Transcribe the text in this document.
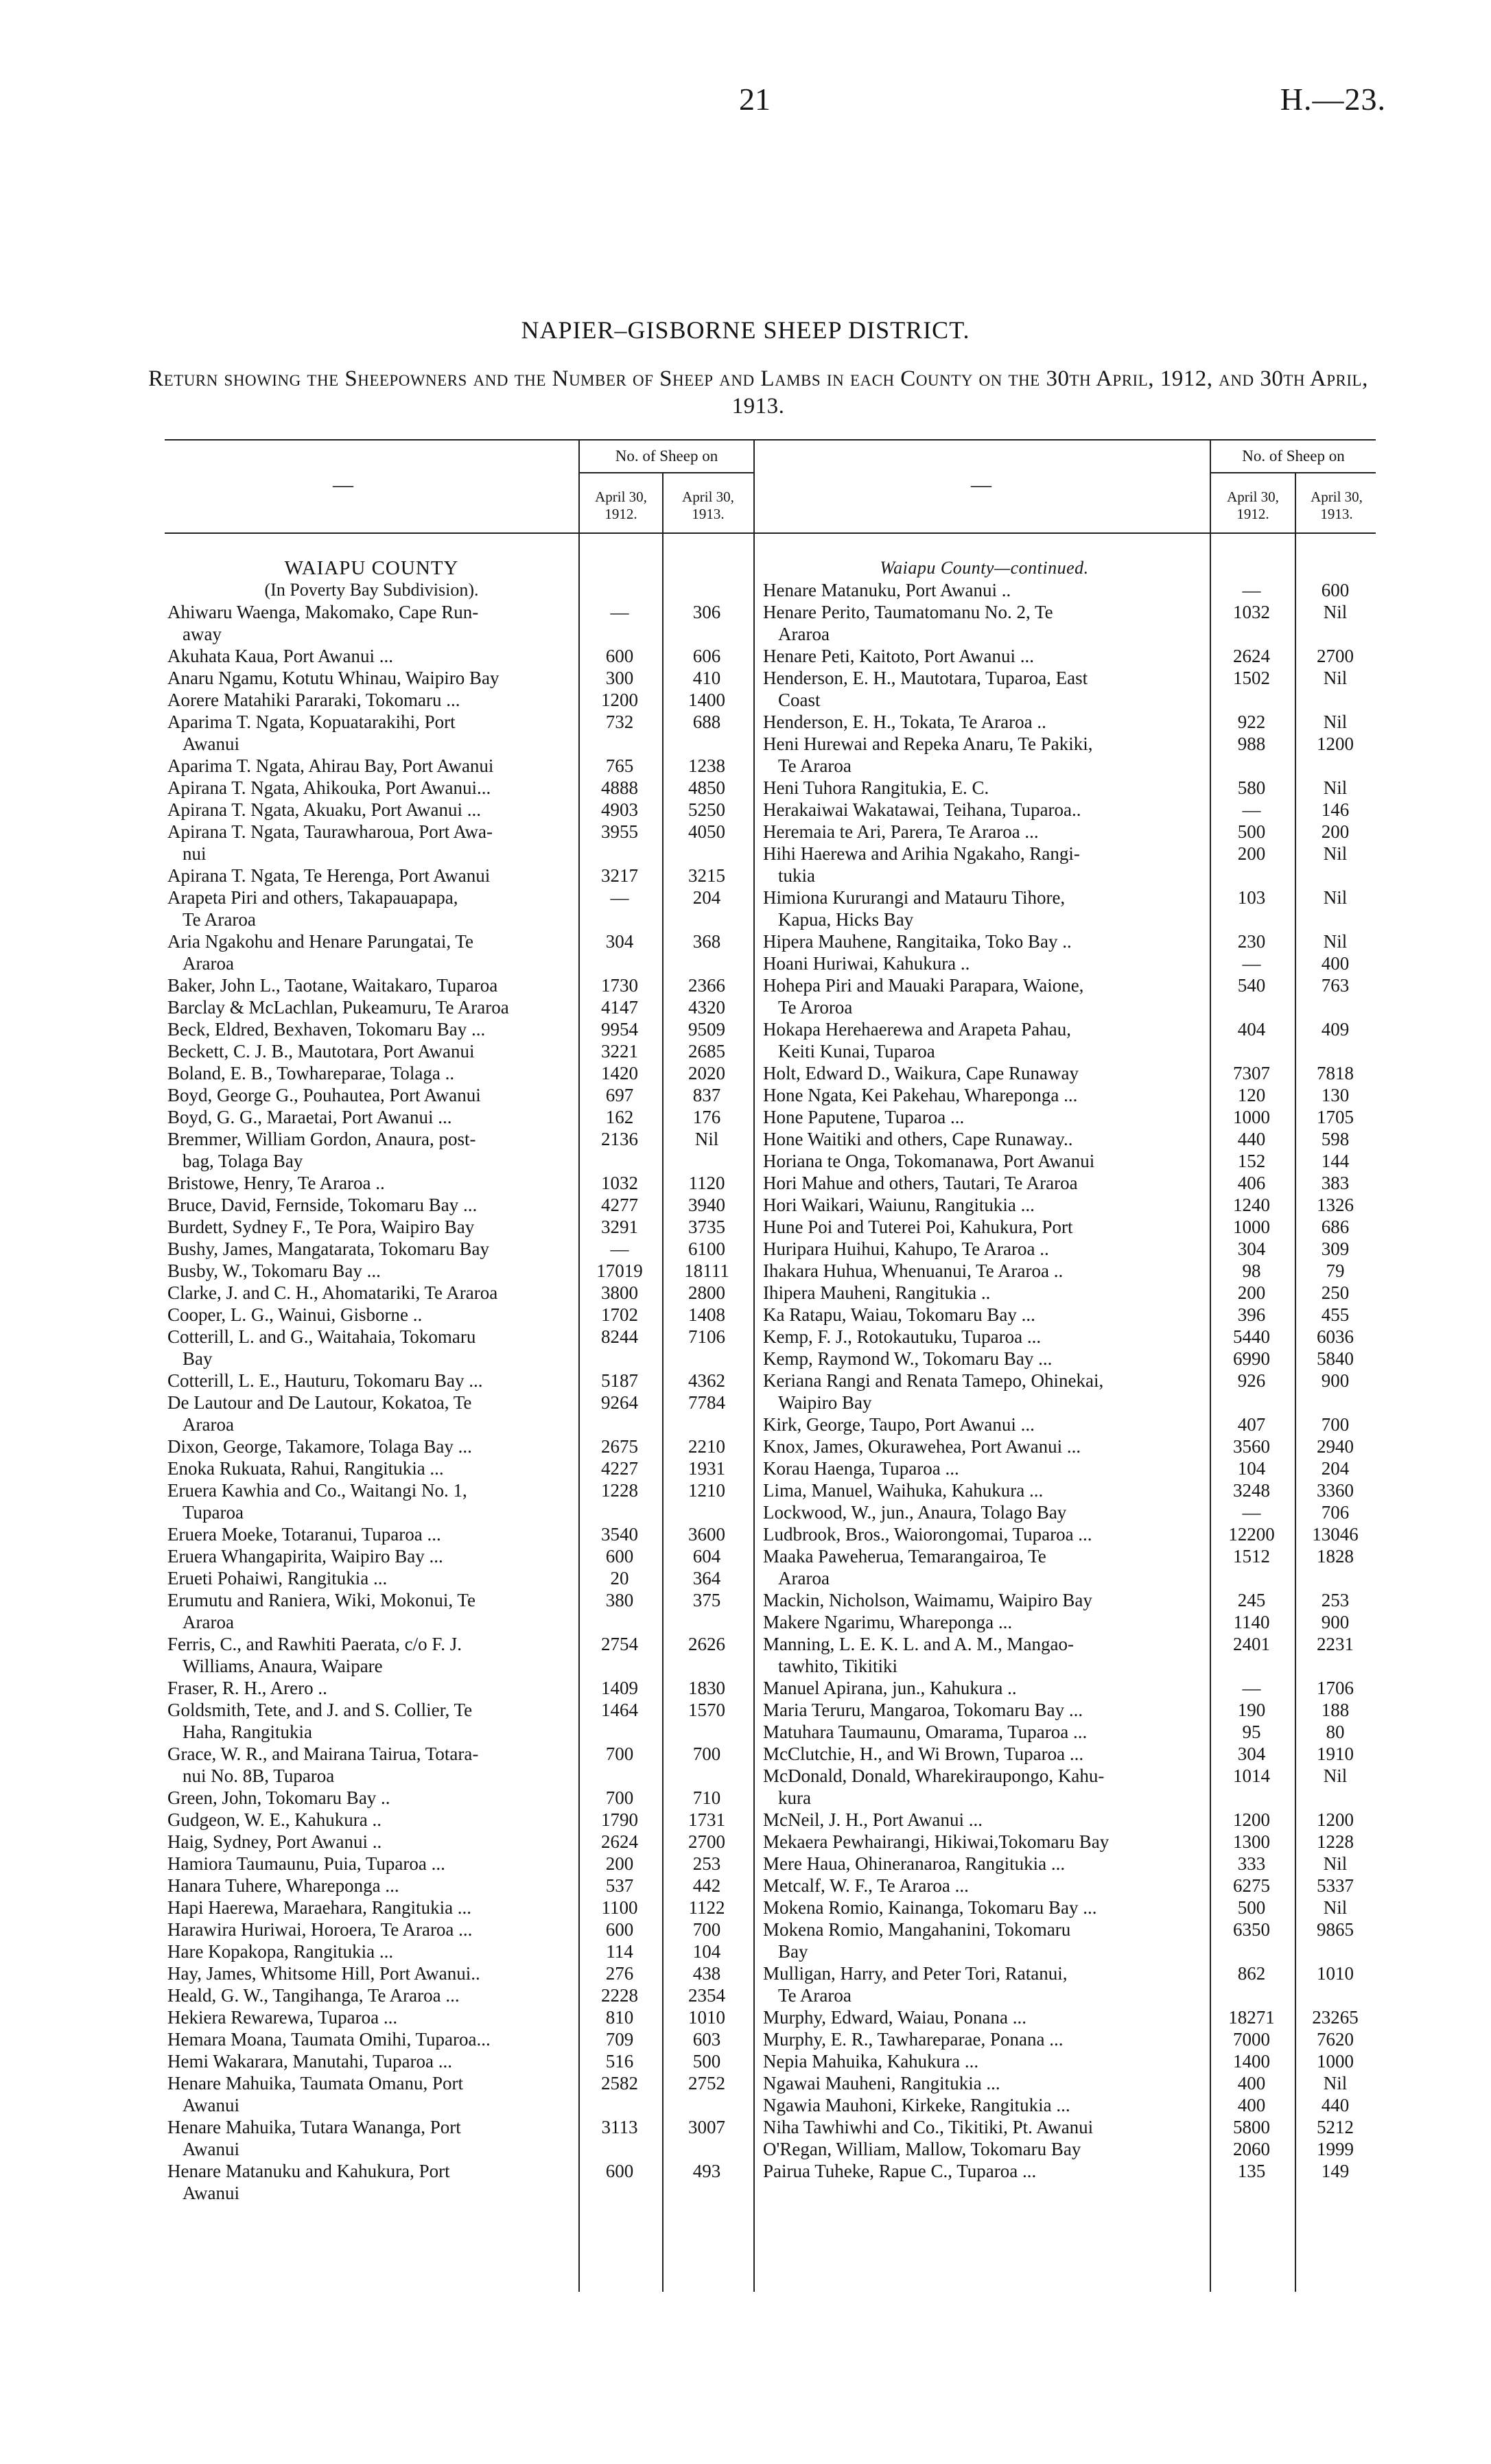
21	H.—23.
NAPIER–GISBORNE SHEEP DISTRICT.
Return showing the Sheepowners and the Number of Sheep and Lambs in each County on the 30th April, 1912, and 30th April, 1913.
—
No. of Sheep on
April 30, 1912.
April 30, 1913.
—
No. of Sheep on
April 30, 1912.
April 30, 1913.
WAIAPU COUNTY
(In Poverty Bay Subdivision).
Ahiwaru Waenga, Makomako, Cape Run-
away
—	306
Akuhata Kaua, Port Awanui ...	600	606
Anaru Ngamu, Kotutu Whinau, Waipiro Bay	300	410
Aorere Matahiki Pararaki, Tokomaru ...	1200	1400
Aparima T. Ngata, Kopuatarakihi, Port
Awanui
732	688
Aparima T. Ngata, Ahirau Bay, Port Awanui	765	1238
Apirana T. Ngata, Ahikouka, Port Awanui...	4888	4850
Apirana T. Ngata, Akuaku, Port Awanui ...	4903	5250
Apirana T. Ngata, Taurawharoua, Port Awa-
nui
3955	4050
Apirana T. Ngata, Te Herenga, Port Awanui	3217	3215
Arapeta Piri and others, Takapauapapa,
Te Araroa
—	204
Aria Ngakohu and Henare Parungatai, Te
Araroa
304	368
Baker, John L., Taotane, Waitakaro, Tuparoa	1730	2366
Barclay & McLachlan, Pukeamuru, Te Araroa	4147	4320
Beck, Eldred, Bexhaven, Tokomaru Bay ...	9954	9509
Beckett, C. J. B., Mautotara, Port Awanui	3221	2685
Boland, E. B., Towhareparae, Tolaga ..	1420	2020
Boyd, George G., Pouhautea, Port Awanui	697	837
Boyd, G. G., Maraetai, Port Awanui ...	162	176
Bremmer, William Gordon, Anaura, post-
bag, Tolaga Bay
2136	Nil
Bristowe, Henry, Te Araroa ..	1032	1120
Bruce, David, Fernside, Tokomaru Bay ...	4277	3940
Burdett, Sydney F., Te Pora, Waipiro Bay	3291	3735
Bushy, James, Mangatarata, Tokomaru Bay	—	6100
Busby, W., Tokomaru Bay ...	17019	18111
Clarke, J. and C. H., Ahomatariki, Te Araroa	3800	2800
Cooper, L. G., Wainui, Gisborne ..	1702	1408
Cotterill, L. and G., Waitahaia, Tokomaru
Bay
8244	7106
Cotterill, L. E., Hauturu, Tokomaru Bay ...	5187	4362
De Lautour and De Lautour, Kokatoa, Te
Araroa
9264	7784
Dixon, George, Takamore, Tolaga Bay ...	2675	2210
Enoka Rukuata, Rahui, Rangitukia ...	4227	1931
Eruera Kawhia and Co., Waitangi No. 1,
Tuparoa
1228	1210
Eruera Moeke, Totaranui, Tuparoa ...	3540	3600
Eruera Whangapirita, Waipiro Bay ...	600	604
Erueti Pohaiwi, Rangitukia ...	20	364
Erumutu and Raniera, Wiki, Mokonui, Te
Araroa
380	375
Ferris, C., and Rawhiti Paerata, c/o F. J.
Williams, Anaura, Waipare
2754	2626
Fraser, R. H., Arero ..	1409	1830
Goldsmith, Tete, and J. and S. Collier, Te
Haha, Rangitukia
1464	1570
Grace, W. R., and Mairana Tairua, Totara-
nui No. 8B, Tuparoa
700	700
Green, John, Tokomaru Bay ..	700	710
Gudgeon, W. E., Kahukura ..	1790	1731
Haig, Sydney, Port Awanui ..	2624	2700
Hamiora Taumaunu, Puia, Tuparoa ...	200	253
Hanara Tuhere, Whareponga ...	537	442
Hapi Haerewa, Maraehara, Rangitukia ...	1100	1122
Harawira Huriwai, Horoera, Te Araroa ...	600	700
Hare Kopakopa, Rangitukia ...	114	104
Hay, James, Whitsome Hill, Port Awanui..	276	438
Heald, G. W., Tangihanga, Te Araroa ...	2228	2354
Hekiera Rewarewa, Tuparoa ...	810	1010
Hemara Moana, Taumata Omihi, Tuparoa...	709	603
Hemi Wakarara, Manutahi, Tuparoa ...	516	500
Henare Mahuika, Taumata Omanu, Port
Awanui
2582	2752
Henare Mahuika, Tutara Wananga, Port
Awanui
3113	3007
Henare Matanuku and Kahukura, Port
Awanui
600	493
Waiapu County—continued.
Henare Matanuku, Port Awanui ..	—	600
Henare Perito, Taumatomanu No. 2, Te
Araroa
1032	Nil
Henare Peti, Kaitoto, Port Awanui ...	2624	2700
Henderson, E. H., Mautotara, Tuparoa, East
Coast
1502	Nil
Henderson, E. H., Tokata, Te Araroa ..	922	Nil
Heni Hurewai and Repeka Anaru, Te Pakiki,
Te Araroa
988	1200
Heni Tuhora Rangitukia, E. C.	580	Nil
Herakaiwai Wakatawai, Teihana, Tuparoa..	—	146
Heremaia te Ari, Parera, Te Araroa ...	500	200
Hihi Haerewa and Arihia Ngakaho, Rangi-
tukia
200	Nil
Himiona Kururangi and Matauru Tihore,
Kapua, Hicks Bay
103	Nil
Hipera Mauhene, Rangitaika, Toko Bay ..	230	Nil
Hoani Huriwai, Kahukura ..	—	400
Hohepa Piri and Mauaki Parapara, Waione,
Te Aroroa
540	763
Hokapa Herehaerewa and Arapeta Pahau,
Keiti Kunai, Tuparoa
404	409
Holt, Edward D., Waikura, Cape Runaway	7307	7818
Hone Ngata, Kei Pakehau, Whareponga ...	120	130
Hone Paputene, Tuparoa ...	1000	1705
Hone Waitiki and others, Cape Runaway..	440	598
Horiana te Onga, Tokomanawa, Port Awanui	152	144
Hori Mahue and others, Tautari, Te Araroa	406	383
Hori Waikari, Waiunu, Rangitukia ...	1240	1326
Hune Poi and Tuterei Poi, Kahukura, Port	1000	686
Huripara Huihui, Kahupo, Te Araroa ..	304	309
Ihakara Huhua, Whenuanui, Te Araroa ..	98	79
Ihipera Mauheni, Rangitukia ..	200	250
Ka Ratapu, Waiau, Tokomaru Bay ...	396	455
Kemp, F. J., Rotokautuku, Tuparoa ...	5440	6036
Kemp, Raymond W., Tokomaru Bay ...	6990	5840
Keriana Rangi and Renata Tamepo, Ohinekai,
Waipiro Bay
926	900
Kirk, George, Taupo, Port Awanui ...	407	700
Knox, James, Okurawehea, Port Awanui ...	3560	2940
Korau Haenga, Tuparoa ...	104	204
Lima, Manuel, Waihuka, Kahukura ...	3248	3360
Lockwood, W., jun., Anaura, Tolago Bay	—	706
Ludbrook, Bros., Waiorongomai, Tuparoa ...	12200	13046
Maaka Paweherua, Temarangairoa, Te
Araroa
1512	1828
Mackin, Nicholson, Waimamu, Waipiro Bay	245	253
Makere Ngarimu, Whareponga ...	1140	900
Manning, L. E. K. L. and A. M., Mangao-
tawhito, Tikitiki
2401	2231
Manuel Apirana, jun., Kahukura ..	—	1706
Maria Teruru, Mangaroa, Tokomaru Bay ...	190	188
Matuhara Taumaunu, Omarama, Tuparoa ...	95	80
McClutchie, H., and Wi Brown, Tuparoa ...	304	1910
McDonald, Donald, Wharekiraupongo, Kahu-
kura
1014	Nil
McNeil, J. H., Port Awanui ...	1200	1200
Mekaera Pewhairangi, Hikiwai,Tokomaru Bay	1300	1228
Mere Haua, Ohineranaroa, Rangitukia ...	333	Nil
Metcalf, W. F., Te Araroa ...	6275	5337
Mokena Romio, Kainanga, Tokomaru Bay ...	500	Nil
Mokena Romio, Mangahanini, Tokomaru
Bay
6350	9865
Mulligan, Harry, and Peter Tori, Ratanui,
Te Araroa
862	1010
Murphy, Edward, Waiau, Ponana ...	18271	23265
Murphy, E. R., Tawhareparae, Ponana ...	7000	7620
Nepia Mahuika, Kahukura ...	1400	1000
Ngawai Mauheni, Rangitukia ...	400	Nil
Ngawia Mauhoni, Kirkeke, Rangitukia ...	400	440
Niha Tawhiwhi and Co., Tikitiki, Pt. Awanui	5800	5212
O'Regan, William, Mallow, Tokomaru Bay	2060	1999
Pairua Tuheke, Rapue C., Tuparoa ...	135	149
